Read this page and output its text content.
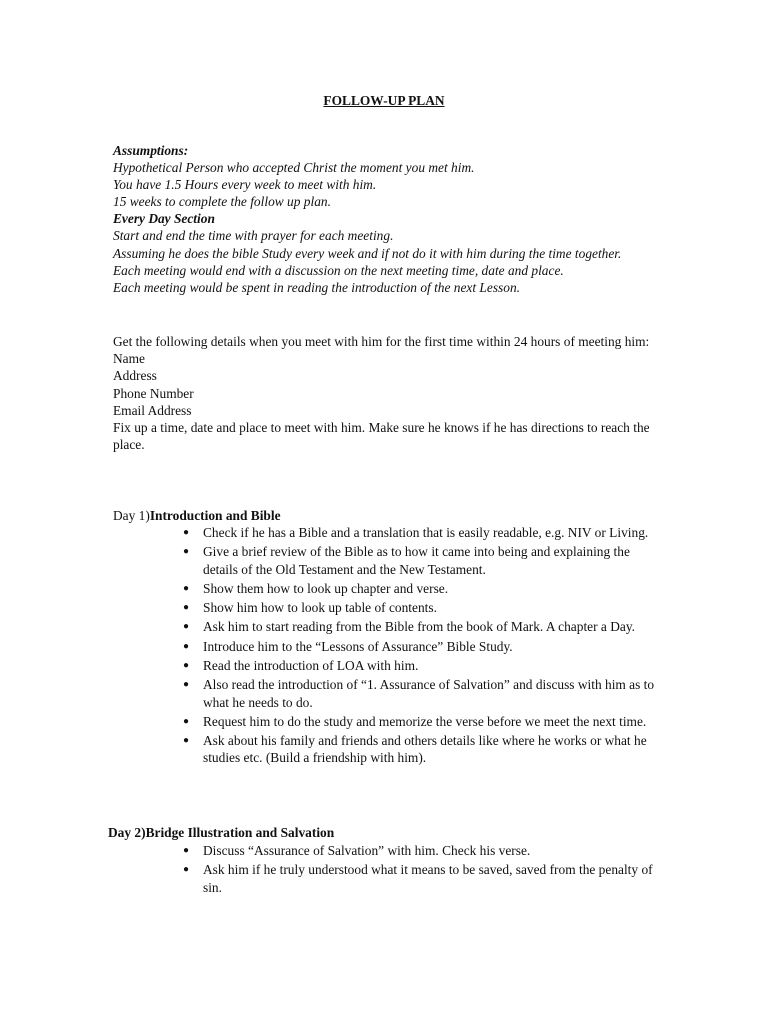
FOLLOW-UP PLAN
Assumptions:
Hypothetical Person who accepted Christ the moment you met him.
You have 1.5 Hours every week to meet with him.
15 weeks to complete the follow up plan.
Every Day Section
Start and end the time with prayer for each meeting.
Assuming he does the bible Study every week and if not do it with him during the time together.
Each meeting would end with a discussion on the next meeting time, date and place.
Each meeting would be spent in reading the introduction of the next Lesson.
Get the following details when you meet with him for the first time within 24 hours of meeting him:
Name
Address
Phone Number
Email Address
Fix up a time, date and place to meet with him. Make sure he knows if he has directions to reach the place.
Day 1)Introduction and Bible
● Check if he has a Bible and a translation that is easily readable, e.g. NIV or Living.
● Give a brief review of the Bible as to how it came into being and explaining the details of the Old Testament and the New Testament.
● Show them how to look up chapter and verse.
● Show him how to look up table of contents.
● Ask him to start reading from the Bible from the book of Mark. A chapter a Day.
● Introduce him to the “Lessons of Assurance” Bible Study.
● Read the introduction of LOA with him.
● Also read the introduction of “1. Assurance of Salvation” and discuss with him as to what he needs to do.
● Request him to do the study and memorize the verse before we meet the next time.
● Ask about his family and friends and others details like where he works or what he studies etc. (Build a friendship with him).
Day 2)Bridge Illustration and Salvation
● Discuss “Assurance of Salvation” with him. Check his verse.
● Ask him if he truly understood what it means to be saved, saved from the penalty of sin.
